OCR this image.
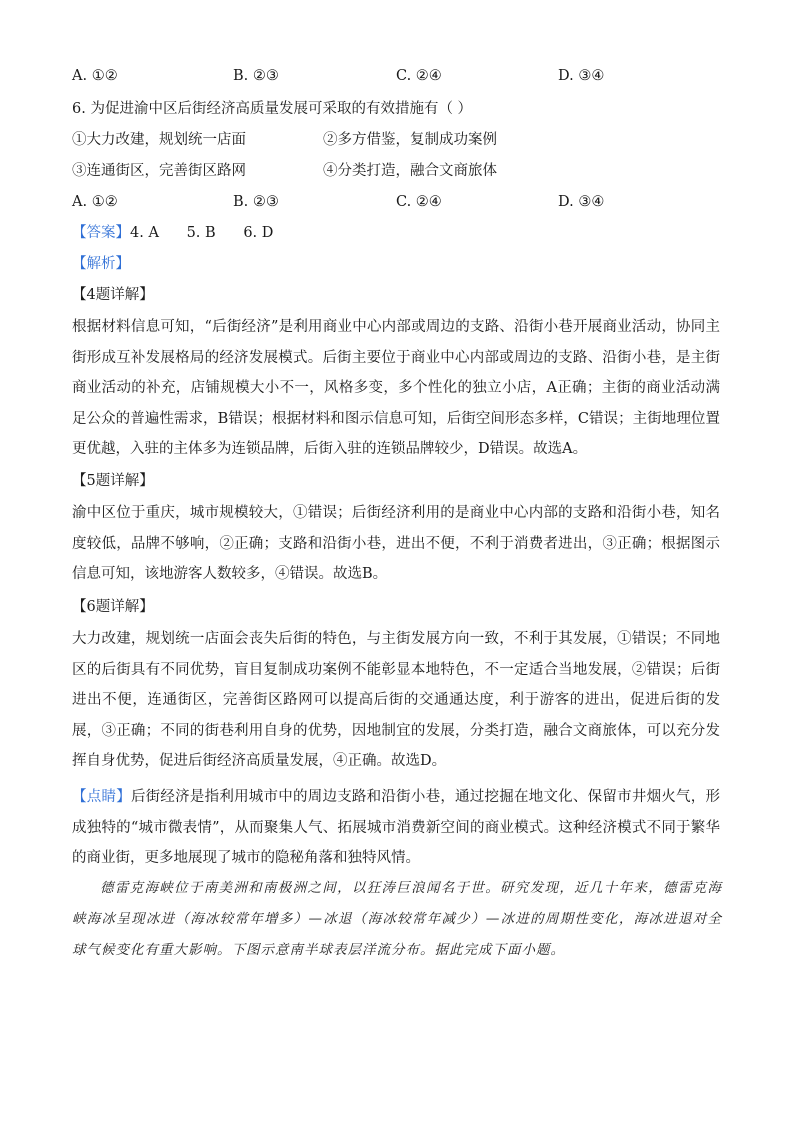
A. ①②	B. ②③	C. ②④	D. ③④
6. 为促进渝中区后街经济高质量发展可采取的有效措施有（ ）
①大力改建，规划统一店面	②多方借鉴，复制成功案例
③连通街区，完善街区路网	④分类打造，融合文商旅体
A. ①②	B. ②③	C. ②④	D. ③④
【答案】4. A      5. B      6. D
【解析】
【4题详解】
根据材料信息可知，“后街经济”是利用商业中心内部或周边的支路、沿街小巷开展商业活动，协同主街形成互补发展格局的经济发展模式。后街主要位于商业中心内部或周边的支路、沿街小巷，是主街商业活动的补充，店铺规模大小不一，风格多变，多个性化的独立小店，A正确；主街的商业活动满足公众的普遍性需求，B错误；根据材料和图示信息可知，后街空间形态多样，C错误；主街地理位置更优越，入驻的主体多为连锁品牌，后街入驻的连锁品牌较少，D错误。故选A。
【5题详解】
渝中区位于重庆，城市规模较大，①错误；后街经济利用的是商业中心内部的支路和沿街小巷，知名度较低，品牌不够响，②正确；支路和沿街小巷，进出不便，不利于消费者进出，③正确；根据图示信息可知，该地游客人数较多，④错误。故选B。
【6题详解】
大力改建，规划统一店面会丧失后街的特色，与主街发展方向一致，不利于其发展，①错误；不同地区的后街具有不同优势，盲目复制成功案例不能彰显本地特色，不一定适合当地发展，②错误；后街进出不便，连通街区，完善街区路网可以提高后街的交通通达度，利于游客的进出，促进后街的发展，③正确；不同的街巷利用自身的优势，因地制宜的发展，分类打造，融合文商旅体，可以充分发挥自身优势，促进后街经济高质量发展，④正确。故选D。
【点睛】后街经济是指利用城市中的周边支路和沿街小巷，通过挖掘在地文化、保留市井烟火气，形成独特的“城市微表情”，从而聚集人气、拓展城市消费新空间的商业模式。这种经济模式不同于繁华的商业街，更多地展现了城市的隐秘角落和独特风情。
德雷克海峡位于南美洲和南极洲之间，以狂涛巨浪闻名于世。研究发现，近几十年来，德雷克海峡海冰呈现冰进（海冰较常年增多）—冰退（海冰较常年减少）—冰进的周期性变化，海冰进退对全球气候变化有重大影响。下图示意南半球表层洋流分布。据此完成下面小题。
